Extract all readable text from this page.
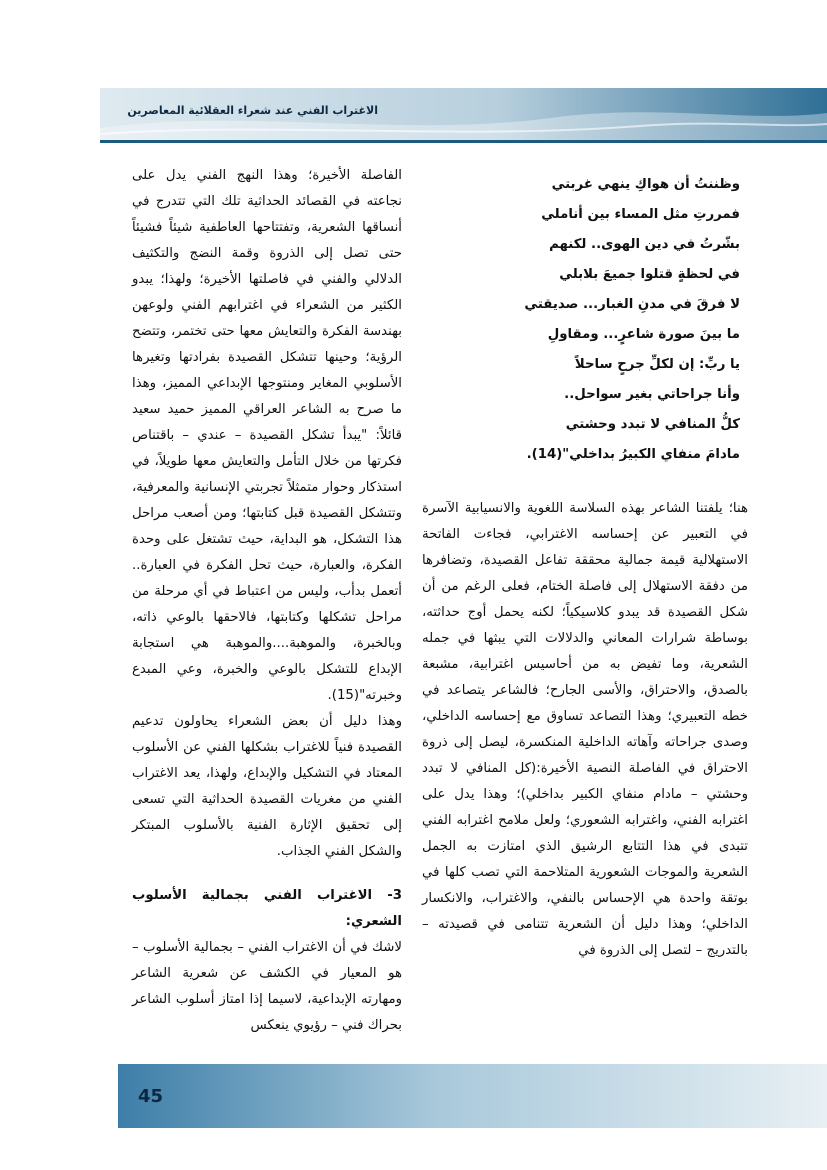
الاغتراب الفني عند شعراء العقلائية المعاصرين
وظننتُ أن هواكِ ينهي غربتي
فمررتِ مثل المساء بين أناملي
بشّرتُ في دين الهوى.. لكنهم
في لحظةٍ قتلوا جميعَ بلابلي
لا فرقَ في مدنِ الغبار... صديقتي
ما بينَ صورة شاعرٍ... ومقاولِ
يا ربِّ: إن لكلِّ جرحٍ ساحلاً
وأنا جراحاتي بغير سواحل..
كلُّ المنافي لا تبدد وحشتي
مادامَ منفاي الكبيرُ بداخلي"(14).

هنا؛ يلفتنا الشاعر بهذه السلاسة اللغوية والانسيابية الآسرة في التعبير عن إحساسه الاغترابي، فجاءت الفاتحة الاستهلالية قيمة جمالية محققة تفاعل القصيدة، وتضافرها من دفقة الاستهلال إلى فاصلة الختام، فعلى الرغم من أن شكل القصيدة قد يبدو كلاسيكياً؛ لكنه يحمل أوج حداثته، بوساطة شرارات المعاني والدلالات التي يبثها في جمله الشعرية، وما تفيض به من أحاسيس اغترابية، مشبعة بالصدق، والاحتراق، والأسى الجارح؛ فالشاعر يتصاعد في خطه التعبيري؛ وهذا التصاعد تساوق مع إحساسه الداخلي، وصدى جراحاته وآهاته الداخلية المنكسرة، ليصل إلى ذروة الاحتراق في الفاصلة النصية الأخيرة:(كل المنافي لا تبدد وحشتي – مادام منفاي الكبير بداخلي)؛ وهذا يدل على اغترابه الفني، واغترابه الشعوري؛ ولعل ملامح اغترابه الفني تتبدى في هذا التتابع الرشيق الذي امتازت به الجمل الشعرية والموجات الشعورية المتلاحمة التي تصب كلها في بوتقة واحدة هي الإحساس بالنفي، والاغتراب، والانكسار الداخلي؛ وهذا دليل أن الشعرية تتنامى في قصيدته – بالتدريج – لتصل إلى الذروة في

الفاصلة الأخيرة؛ وهذا النهج الفني يدل على نجاعته في القصائد الحداثية تلك التي تتدرج في أنساقها الشعرية، وتفتتاحها العاطفية شيئاً فشيئاً حتى تصل إلى الذروة وقمة النضج والتكثيف الدلالي والفني في فاصلتها الأخيرة؛ ولهذا؛ يبدو الكثير من الشعراء في اغترابهم الفني ولوعهن بهندسة الفكرة والتعايش معها حتى تختمر، وتتضح الرؤية؛ وحينها تتشكل القصيدة بفرادتها وتغيرها الأسلوبي المغاير ومنتوجها الإبداعي المميز، وهذا ما صرح به الشاعر العراقي المميز حميد سعيد قائلاً: "يبدأ تشكل القصيدة – عندي – باقتناص فكرتها من خلال التأمل والتعايش معها طويلاً، في استذكار وحوار متمثلاً تجربتي الإنسانية والمعرفية، وتتشكل القصيدة قبل كتابتها؛ ومن أصعب مراحل هذا التشكل، هو البداية، حيث تشتغل على وحدة الفكرة، والعبارة، حيث تحل الفكرة في العبارة.. أتعمل بدأب، وليس من اعتباط في أي مرحلة من مراحل تشكلها وكتابتها، فالاحقها بالوعي ذاته، وبالخبرة، والموهبة....والموهبة هي استجابة الإبداع للتشكل بالوعي والخبرة، وعي المبدع وخبرته"(15).

وهذا دليل أن بعض الشعراء يحاولون تدعيم القصيدة فنياً للاغتراب بشكلها الفني عن الأسلوب المعتاد في التشكيل والإبداع، ولهذا، يعد الاغتراب الفني من مغريات القصيدة الحداثية التي تسعى إلى تحقيق الإثارة الفنية بالأسلوب المبتكر والشكل الفني الجذاب.

3- الاغتراب الفني بجمالية الأسلوب الشعري:

لاشك في أن الاغتراب الفني – بجمالية الأسلوب – هو المعيار في الكشف عن شعرية الشاعر ومهارته الإبداعية، لاسيما إذا امتاز أسلوب الشاعر بحراك فني – رؤيوي ينعكس

45
